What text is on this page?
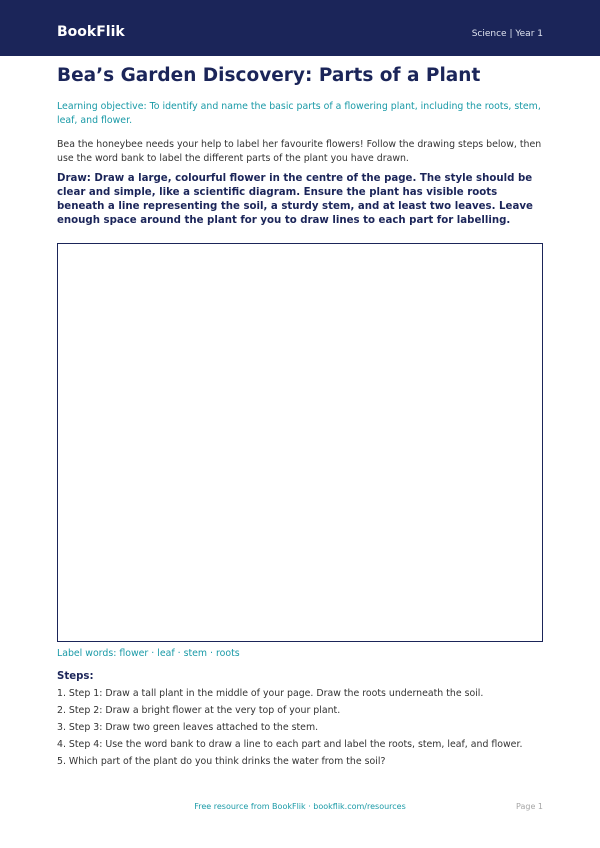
BookFlik	Science | Year 1
Bea’s Garden Discovery: Parts of a Plant

Learning objective: To identify and name the basic parts of a flowering plant, including the roots, stem, leaf, and flower.

Bea the honeybee needs your help to label her favourite flowers! Follow the drawing steps below, then use the word bank to label the different parts of the plant you have drawn.

Draw: Draw a large, colourful flower in the centre of the page. The style should be clear and simple, like a scientific diagram. Ensure the plant has visible roots beneath a line representing the soil, a sturdy stem, and at least two leaves. Leave enough space around the plant for you to draw lines to each part for labelling.

Label words: flower · leaf · stem · roots
Steps:
1. Step 1: Draw a tall plant in the middle of your page. Draw the roots underneath the soil.
2. Step 2: Draw a bright flower at the very top of your plant.
3. Step 3: Draw two green leaves attached to the stem.
4. Step 4: Use the word bank to draw a line to each part and label the roots, stem, leaf, and flower.
5. Which part of the plant do you think drinks the water from the soil?
Free resource from BookFlik · bookflik.com/resources	Page 1
